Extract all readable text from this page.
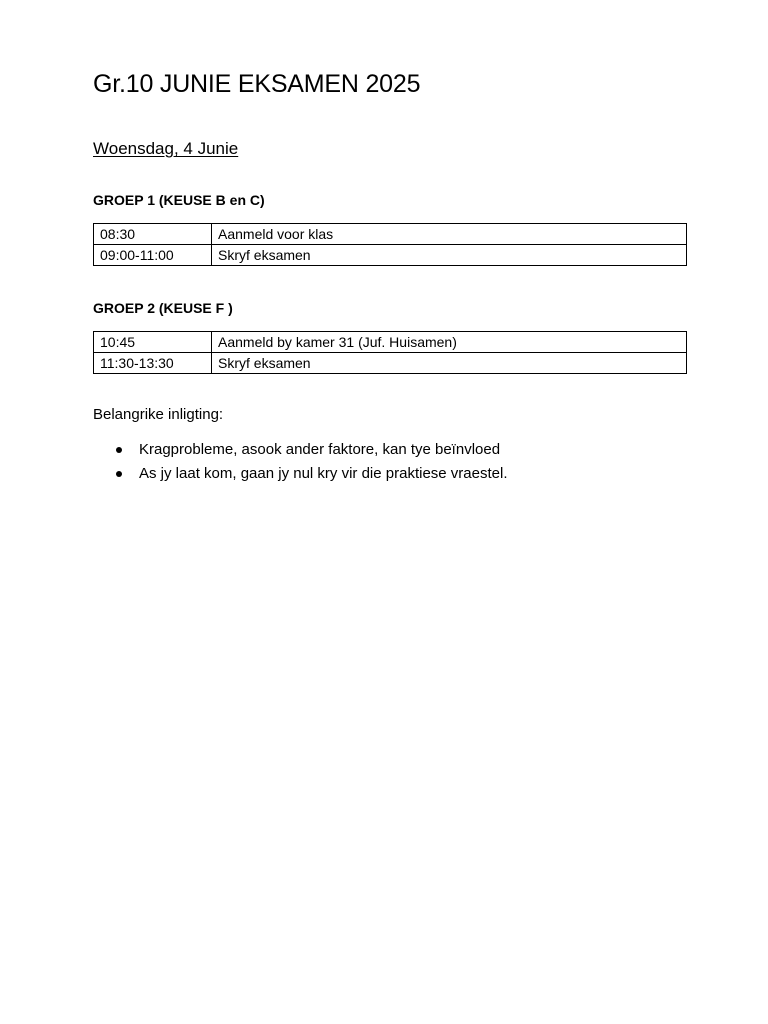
Gr.10 JUNIE EKSAMEN 2025
Woensdag, 4 Junie
GROEP 1 (KEUSE B en C)
08:30	Aanmeld voor klas
09:00-11:00	Skryf eksamen
GROEP 2 (KEUSE F )
10:45	Aanmeld by kamer 31 (Juf. Huisamen)
11:30-13:30	Skryf eksamen

Belangrike inligting:

Kragprobleme, asook ander faktore, kan tye beïnvloed
As jy laat kom, gaan jy nul kry vir die praktiese vraestel.
